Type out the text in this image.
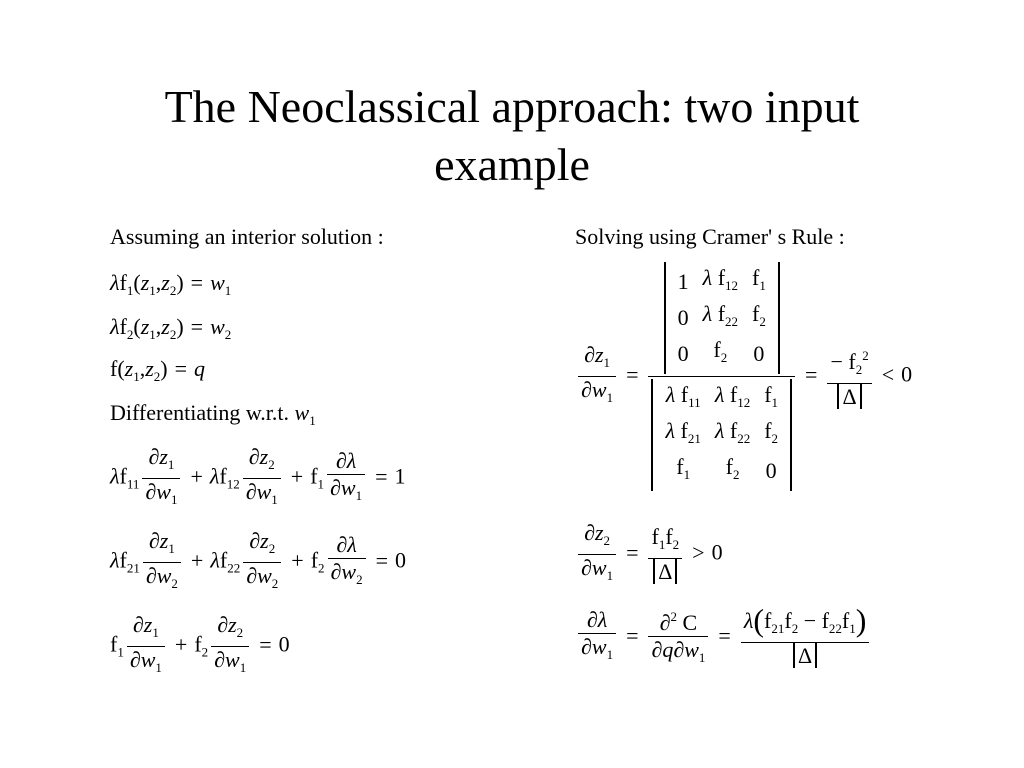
The Neoclassical approach: two input
example
Assuming an interior solution :
$\lambda f_1(z_1,z_2) = w_1$
$\lambda f_2(z_1,z_2) = w_2$
$f(z_1,z_2) = q$
Differentiating w.r.t. $w_1$
$\lambda f_{11} \frac{\partial z_1}{\partial w_1} + \lambda f_{12} \frac{\partial z_2}{\partial w_1} + f_1 \frac{\partial\lambda}{\partial w_1} = 1$
$\lambda f_{21} \frac{\partial z_1}{\partial w_2} + \lambda f_{22} \frac{\partial z_2}{\partial w_2} + f_2 \frac{\partial\lambda}{\partial w_2} = 0$
$f_1 \frac{\partial z_1}{\partial w_1} + f_2 \frac{\partial z_2}{\partial w_1} = 0$
Solving using Cramer' s Rule :
$\frac{\partial z_1}{\partial w_1} = 1$	λ $f_{12}$	$f_1$
0	λ $f_{22}$	$f_2$
0	$f_2$	0
λ $f_{11}$	λ $f_{12}$	$f_1$
λ $f_{21}$	λ $f_{22}$	$f_2$
$f_1$	$f_2$	$0 = \frac{- f_2^2}{\Delta} < 0$
$\frac{\partial z_2}{\partial w_1} = \frac{f_1f_2}{\Delta} > 0$
$\frac{\partial\lambda}{\partial w_1} = \frac{\partial^2 C}{\partial q\partial w_1} = \frac{\lambda(f_{21}f_2 - f_{22}f_1)}{\Delta}$
